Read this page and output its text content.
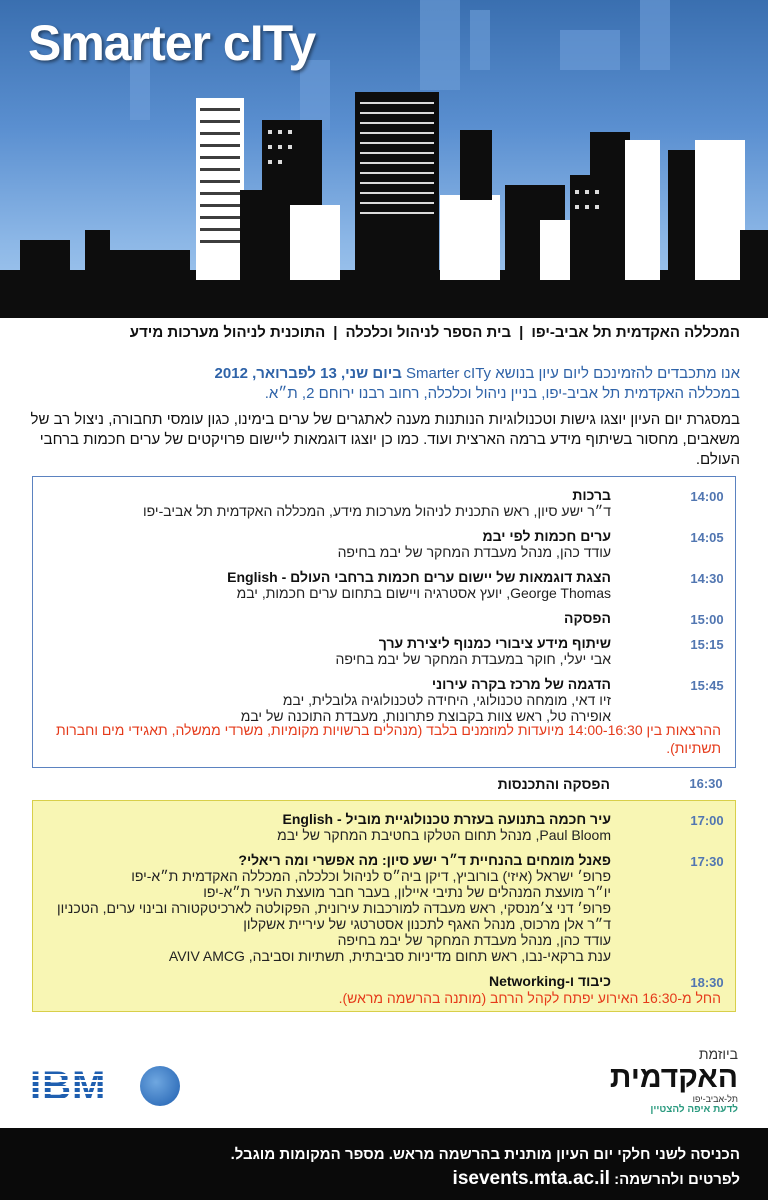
Smarter cITy
המכללה האקדמית תל אביב-יפו|בית הספר לניהול וכלכלה|התוכנית לניהול מערכות מידע
אנו מתכבדים להזמינכם ליום עיון בנושא Smarter cITy ביום שני, 13 לפברואר, 2012
במכללה האקדמית תל אביב-יפו, בניין ניהול וכלכלה, רחוב רבנו ירוחם 2, ת״א.
במסגרת יום העיון יוצגו גישות וטכנולוגיות הנותנות מענה לאתגרים של ערים בימינו, כגון עומסי תחבורה, ניצול רב של משאבים, מחסור בשיתוף מידע ברמה הארצית ועוד. כמו כן יוצגו דוגמאות ליישום פרויקטים של ערים חכמות ברחבי העולם.
14:00
ברכות
ד״ר ישע סיון, ראש התכנית לניהול מערכות מידע, המכללה האקדמית תל אביב-יפו
14:05
ערים חכמות לפי יבמ
עודד כהן, מנהל מעבדת המחקר של יבמ בחיפה
14:30
הצגת דוגמאות של יישום ערים חכמות ברחבי העולם - English
George Thomas, יועץ אסטרגיה ויישום בתחום ערים חכמות, יבמ
15:00
הפסקה
15:15
שיתוף מידע ציבורי כמנוף ליצירת ערך
אבי יעלי, חוקר במעבדת המחקר של יבמ בחיפה
15:45
הדגמה של מרכז בקרה עירוני
זיו דאי, מומחה טכנולוגי, היחידה לטכנולוגיה גלובלית, יבמ
אופירה טל, ראש צוות בקבוצת פתרונות, מעבדת התוכנה של יבמ
ההרצאות בין 14:00-16:30 מיועדות למוזמנים בלבד (מנהלים ברשויות מקומיות, משרדי ממשלה, תאגידי מים וחברות תשתיות).
16:30
הפסקה והתכנסות
17:00
עיר חכמה בתנועה בעזרת טכנולוגיית מוביל - English
Paul Bloom, מנהל תחום הטלקו בחטיבת המחקר של יבמ
17:30
פאנל מומחים בהנחיית ד״ר ישע סיון: מה אפשרי ומה ריאלי?
פרופ׳ ישראל (איזי) בורוביץ, דיקן ביה״ס לניהול וכלכלה, המכללה האקדמית ת״א-יפו
יו״ר מועצת המנהלים של נתיבי איילון, בעבר חבר מועצת העיר ת״א-יפו
פרופ׳ דני צ׳מנסקי, ראש מעבדה למורכבות עירונית, הפקולטה לארכיטקטורה ובינוי ערים, הטכניון
ד״ר אלן מרכוס, מנהל האגף לתכנון אסטרטגי של עיריית אשקלון
עודד כהן, מנהל מעבדת המחקר של יבמ בחיפה
ענת ברקאי-נבו, ראש תחום מדיניות סביבתית, תשתיות וסביבה, AVIV AMCG
18:30
כיבוד ו-Networking
החל מ-16:30 האירוע יפתח לקהל הרחב (מותנה בהרשמה מראש).
IBM
ביוזמת
האקדמית
תל-אביב-יפו
לדעת איפה להצטיין
הכניסה לשני חלקי יום העיון מותנית בהרשמה מראש. מספר המקומות מוגבל.
לפרטים ולהרשמה: isevents.mta.ac.il
